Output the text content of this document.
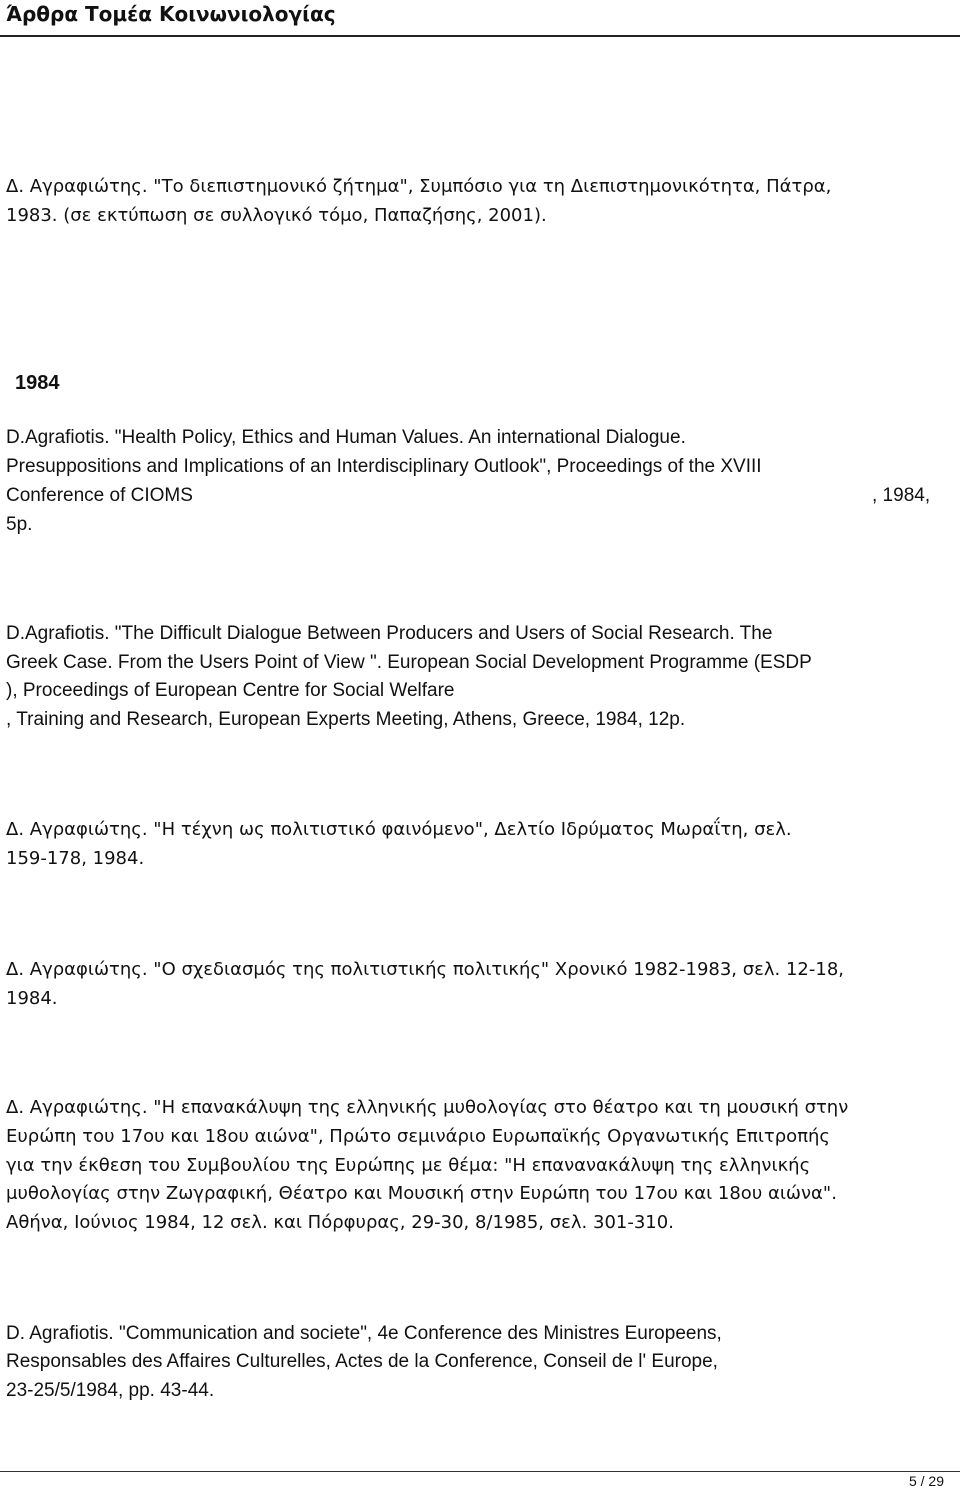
Άρθρα Τομέα Κοινωνιολογίας
Δ. Αγραφιώτης. "Το διεπιστημονικό ζήτημα", Συμπόσιο για τη Διεπιστημονικότητα, Πάτρα,
1983. (σε εκτύπωση σε συλλογικό τόμο, Παπαζήσης, 2001).
1984
D.Agrafiotis. "Health Policy, Ethics and Human Values. An international Dialogue.
Presuppositions and Implications of an Interdisciplinary Outlook", Proceedings of the XVIII
Conference of CIOMS	, 1984,
5p.
D.Agrafiotis. "The Difficult Dialogue Between Producers and Users of Social Research. The
Greek Case. From the Users Point of View ". European Social Development Programme (ESDP
), Proceedings of European Centre for Social Welfare
, Training and Research, European Experts Meeting, Athens, Greece, 1984, 12p.
Δ. Αγραφιώτης. "Η τέχνη ως πολιτιστικό φαινόμενο", Δελτίο Ιδρύματος Μωραΐτη, σελ.
159-178, 1984.
Δ. Αγραφιώτης. "Ο σχεδιασμός της πολιτιστικής πολιτικής" Χρονικό 1982-1983, σελ. 12-18,
1984.
Δ. Αγραφιώτης. "Η επανακάλυψη της ελληνικής μυθολογίας στο θέατρο και τη μουσική στην
Ευρώπη του 17ου και 18ου αιώνα", Πρώτο σεμινάριο Ευρωπαϊκής Οργανωτικής Επιτροπής
για την έκθεση του Συμβουλίου της Ευρώπης με θέμα: "Η επανανακάλυψη της ελληνικής
μυθολογίας στην Ζωγραφική, Θέατρο και Μουσική στην Ευρώπη του 17ου και 18ου αιώνα".
Αθήνα, Ιούνιος 1984, 12 σελ. και Πόρφυρας, 29-30, 8/1985, σελ. 301-310.
D. Agrafiotis. "Communication and societe", 4e Conference des Ministres Europeens,
Responsables des Affaires Culturelles, Actes de la Conference, Conseil de l' Europe,
23-25/5/1984, pp. 43-44.
5 / 29
